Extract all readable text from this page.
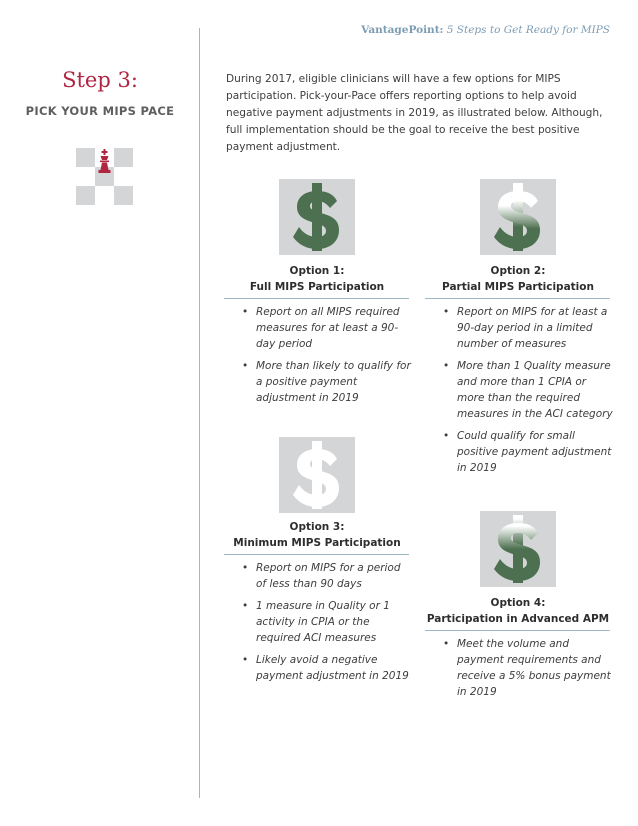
VantagePoint: 5 Steps to Get Ready for MIPS
Step 3:
PICK YOUR MIPS PACE
During 2017, eligible clinicians will have a few options for MIPS participation. Pick-your-Pace offers reporting options to help avoid negative payment adjustments in 2019, as illustrated below. Although, full implementation should be the goal to receive the best positive payment adjustment.
Option 1:
Full MIPS Participation
• Report on all MIPS required measures for at least a 90-day period
• More than likely to qualify for a positive payment adjustment in 2019
Option 2:
Partial MIPS Participation
• Report on MIPS for at least a 90-day period in a limited number of measures
• More than 1 Quality measure and more than 1 CPIA or more than the required measures in the ACI category
• Could qualify for small positive payment adjustment in 2019
Option 3:
Minimum MIPS Participation
• Report on MIPS for a period of less than 90 days
• 1 measure in Quality or 1 activity in CPIA or the required ACI measures
• Likely avoid a negative payment adjustment in 2019
Option 4:
Participation in Advanced APM
• Meet the volume and payment requirements and receive a 5% bonus payment in 2019
